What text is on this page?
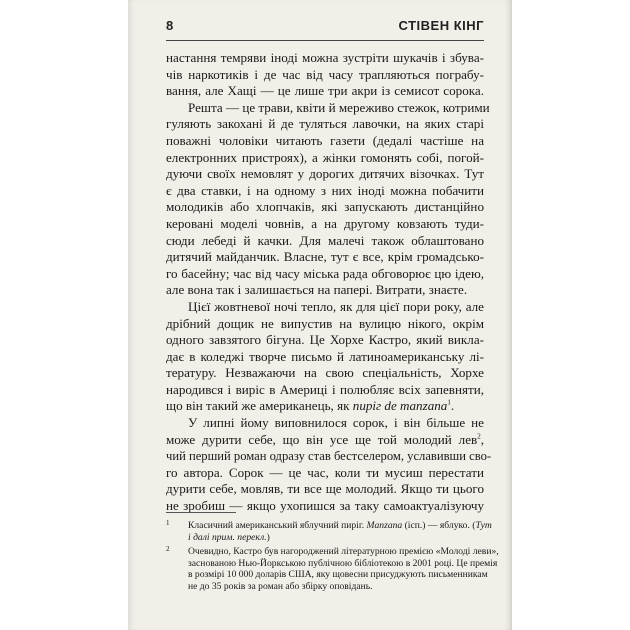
8	СТІВЕН КІНГ
настання темряви іноді можна зустріти шукачів і збува-
чів наркотиків і де час від часу трапляються пограбу-
вання, але Хащі — це лише три акри із семисот сорока.
Решта — це трави, квіти й мереживо стежок, котрими
гуляють закохані й де туляться лавочки, на яких старі
поважні чоловіки читають газети (дедалі частіше на
електронних пристроях), а жінки гомонять собі, погой-
дуючи своїх немовлят у дорогих дитячих візочках. Тут
є два ставки, і на одному з них іноді можна побачити
молодиків або хлопчаків, які запускають дистанційно
керовані моделі човнів, а на другому ковзають туди-
сюди лебеді й качки. Для малечі також облаштовано
дитячий майданчик. Власне, тут є все, крім громадсько-
го басейну; час від часу міська рада обговорює цю ідею,
але вона так і залишається на папері. Витрати, знаєте.
Цієї жовтневої ночі тепло, як для цієї пори року, але
дрібний дощик не випустив на вулицю нікого, окрім
одного завзятого бігуна. Це Хорхе Кастро, який виклa-
дає в коледжі творче письмо й латиноамериканську лі-
тературу. Незважаючи на свою спеціальність, Хорхе
народився і виріс в Америці і полюбляє всіх запевняти,
що він такий же американець, як пиріг de manzana$^1$.
У липні йому виповнилося сорок, і він більше не
може дурити себе, що він усе ще той молодий лев$^2$,
чий перший роман одразу став бестселером, уславивши сво-
го автора. Сорок — це час, коли ти мусиш перестати
дурити себе, мовляв, ти все ще молодий. Якщо ти цього
не зробиш — якщо ухопишся за таку самоактуалізуючу
1 Класичний американський яблучний пиріг. Manzana (ісп.) — яблуко. (Тут
і далі прим. перекл.)
2 Очевидно, Кастро був нагороджений літературною премією «Молоді леви»,
заснованою Нью-Йоркською публічною бібліотекою в 2001 році. Це премія
в розмірі 10 000 доларів США, яку щовесни присуджують письменникам
не до 35 років за роман або збірку оповідань.
